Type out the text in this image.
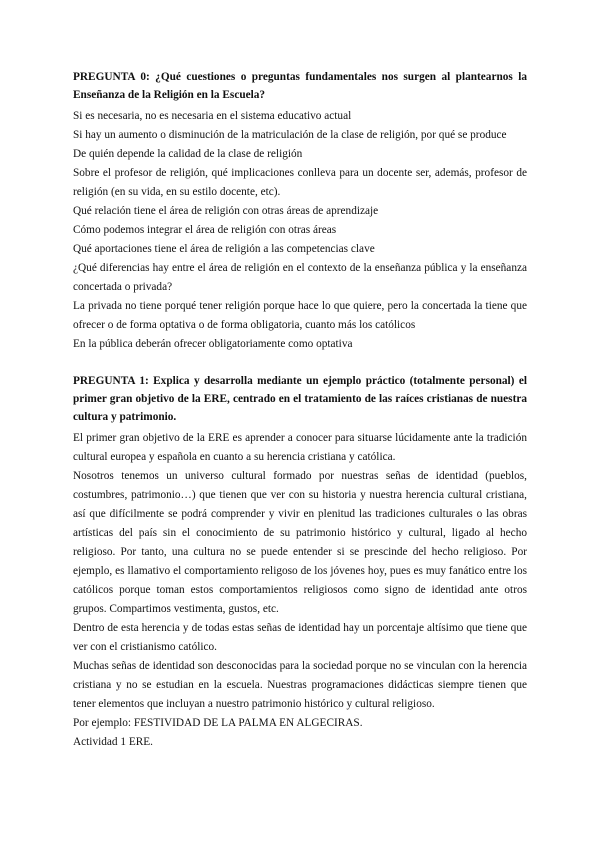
PREGUNTA 0: ¿Qué cuestiones o preguntas fundamentales nos surgen al plantearnos la Enseñanza de la Religión en la Escuela?

Si es necesaria, no es necesaria en el sistema educativo actual

Si hay un aumento o disminución de la matriculación de la clase de religión, por qué se produce

De quién depende la calidad de la clase de religión

Sobre el profesor de religión, qué implicaciones conlleva para un docente ser, además, profesor de religión (en su vida, en su estilo docente, etc).

Qué relación tiene el área de religión con otras áreas de aprendizaje

Cómo podemos integrar el área de religión con otras áreas

Qué aportaciones tiene el área de religión a las competencias clave

¿Qué diferencias hay entre el área de religión en el contexto de la enseñanza pública y la enseñanza concertada o privada?

La privada no tiene porqué tener religión porque hace lo que quiere, pero la concertada la tiene que ofrecer o de forma optativa o de forma obligatoria, cuanto más los católicos

En la pública deberán ofrecer obligatoriamente como optativa

PREGUNTA 1: Explica y desarrolla mediante un ejemplo práctico (totalmente personal) el primer gran objetivo de la ERE, centrado en el tratamiento de las raíces cristianas de nuestra cultura y patrimonio.

El primer gran objetivo de la ERE es aprender a conocer para situarse lúcidamente ante la tradición cultural europea y española en cuanto a su herencia cristiana y católica.

Nosotros tenemos un universo cultural formado por nuestras señas de identidad (pueblos, costumbres, patrimonio…) que tienen que ver con su historia y nuestra herencia cultural cristiana, así que difícilmente se podrá comprender y vivir en plenitud las tradiciones culturales o las obras artísticas del país sin el conocimiento de su patrimonio histórico y cultural, ligado al hecho religioso. Por tanto, una cultura no se puede entender si se prescinde del hecho religioso. Por ejemplo, es llamativo el comportamiento religoso de los jóvenes hoy, pues es muy fanático entre los católicos porque toman estos comportamientos religiosos como signo de identidad ante otros grupos. Compartimos vestimenta, gustos, etc.

Dentro de esta herencia y de todas estas señas de identidad hay un porcentaje altísimo que tiene que ver con el cristianismo católico.

Muchas señas de identidad son desconocidas para la sociedad porque no se vinculan con la herencia cristiana y no se estudian en la escuela. Nuestras programaciones didácticas siempre tienen que tener elementos que incluyan a nuestro patrimonio histórico y cultural religioso.

Por ejemplo: FESTIVIDAD DE LA PALMA EN ALGECIRAS.

Actividad 1 ERE.
